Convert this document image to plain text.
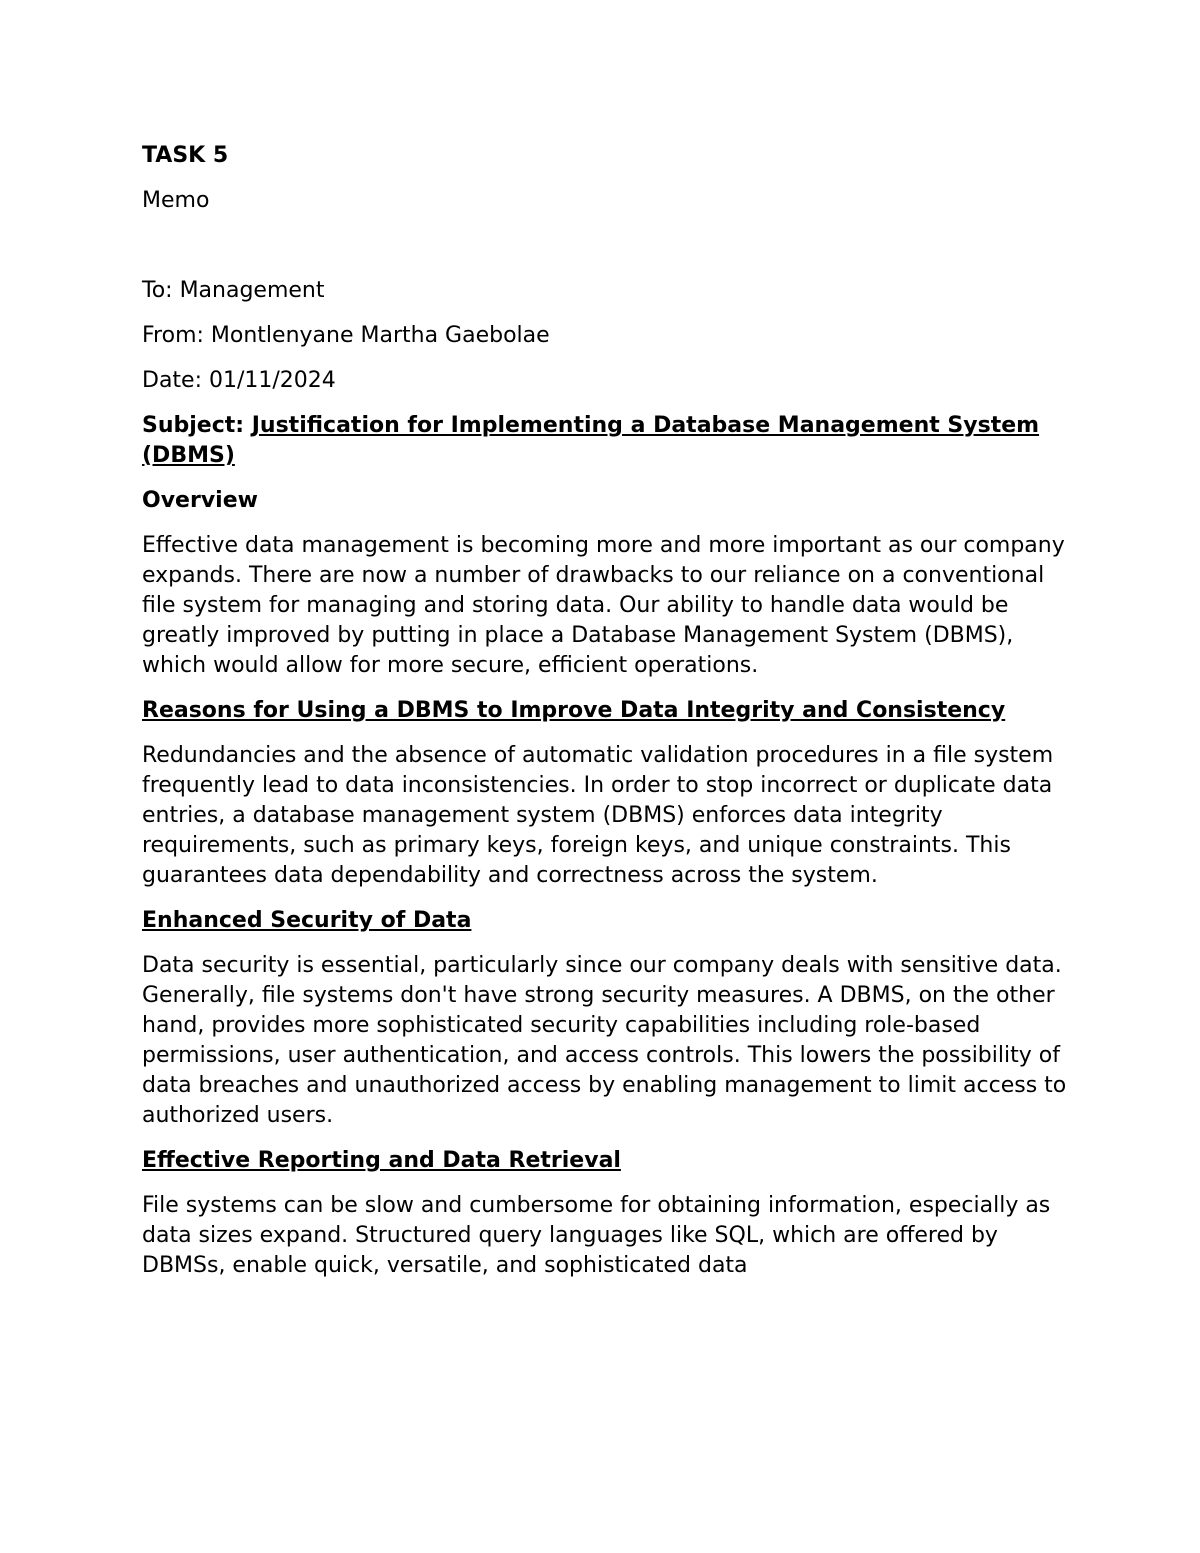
TASK 5
Memo
To: Management
From: Montlenyane Martha Gaebolae
Date: 01/11/2024
Subject: Justification for Implementing a Database Management System (DBMS)
Overview
Effective data management is becoming more and more important as our company expands. There are now a number of drawbacks to our reliance on a conventional file system for managing and storing data. Our ability to handle data would be greatly improved by putting in place a Database Management System (DBMS), which would allow for more secure, efficient operations.
Reasons for Using a DBMS to Improve Data Integrity and Consistency
Redundancies and the absence of automatic validation procedures in a file system frequently lead to data inconsistencies. In order to stop incorrect or duplicate data entries, a database management system (DBMS) enforces data integrity requirements, such as primary keys, foreign keys, and unique constraints. This guarantees data dependability and correctness across the system.
Enhanced Security of Data
Data security is essential, particularly since our company deals with sensitive data. Generally, file systems don't have strong security measures. A DBMS, on the other hand, provides more sophisticated security capabilities including role-based permissions, user authentication, and access controls. This lowers the possibility of data breaches and unauthorized access by enabling management to limit access to authorized users.
Effective Reporting and Data Retrieval
File systems can be slow and cumbersome for obtaining information, especially as data sizes expand. Structured query languages like SQL, which are offered by DBMSs, enable quick, versatile, and sophisticated data
